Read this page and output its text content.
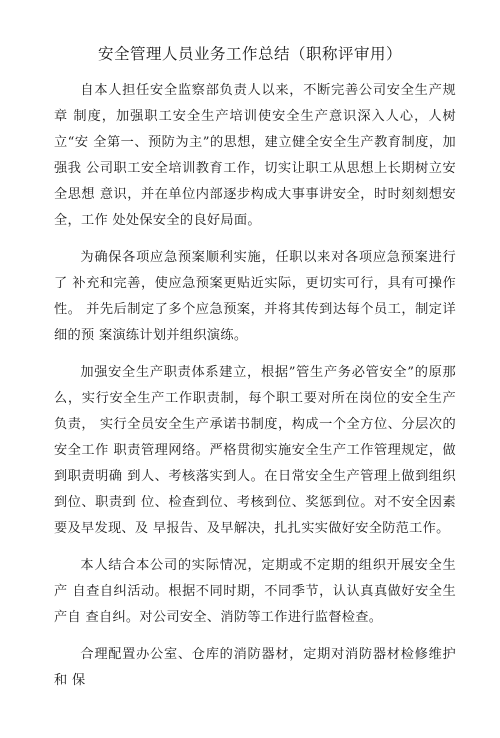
安全管理人员业务工作总结（职称评审用）

自本人担任安全监察部负责人以来，不断完善公司安全生产规章 制度，加强职工安全生产培训使安全生产意识深入人心，人树立“安 全第一、预防为主”的思想，建立健全安全生产教育制度，加强我 公司职工安全培训教育工作，切实让职工从思想上长期树立安全思想 意识，并在单位内部逐步构成大事事讲安全，时时刻刻想安全，工作 处处保安全的良好局面。

为确保各项应急预案顺利实施，任职以来对各项应急预案进行了 补充和完善，使应急预案更贴近实际，更切实可行，具有可操作性。 并先后制定了多个应急预案，并将其传到达每个员工，制定详细的预 案演练计划并组织演练。

加强安全生产职责体系建立，根据”管生产务必管安全”的原那么，实行安全生产工作职责制，每个职工要对所在岗位的安全生产负责， 实行全员安全生产承诺书制度，构成一个全方位、分层次的安全工作 职责管理网络。严格贯彻实施安全生产工作管理规定，做到职责明确 到人、考核落实到人。在日常安全生产管理上做到组织到位、职责到 位、检查到位、考核到位、奖惩到位。对不安全因素要及早发现、及 早报告、及早解决，扎扎实实做好安全防范工作。

本人结合本公司的实际情况，定期或不定期的组织开展安全生产 自查自纠活动。根据不同时期，不同季节，认认真真做好安全生产自 查自纠。对公司安全、消防等工作进行监督检查。

合理配置办公室、仓库的消防器材，定期对消防器材检修维护和 保
